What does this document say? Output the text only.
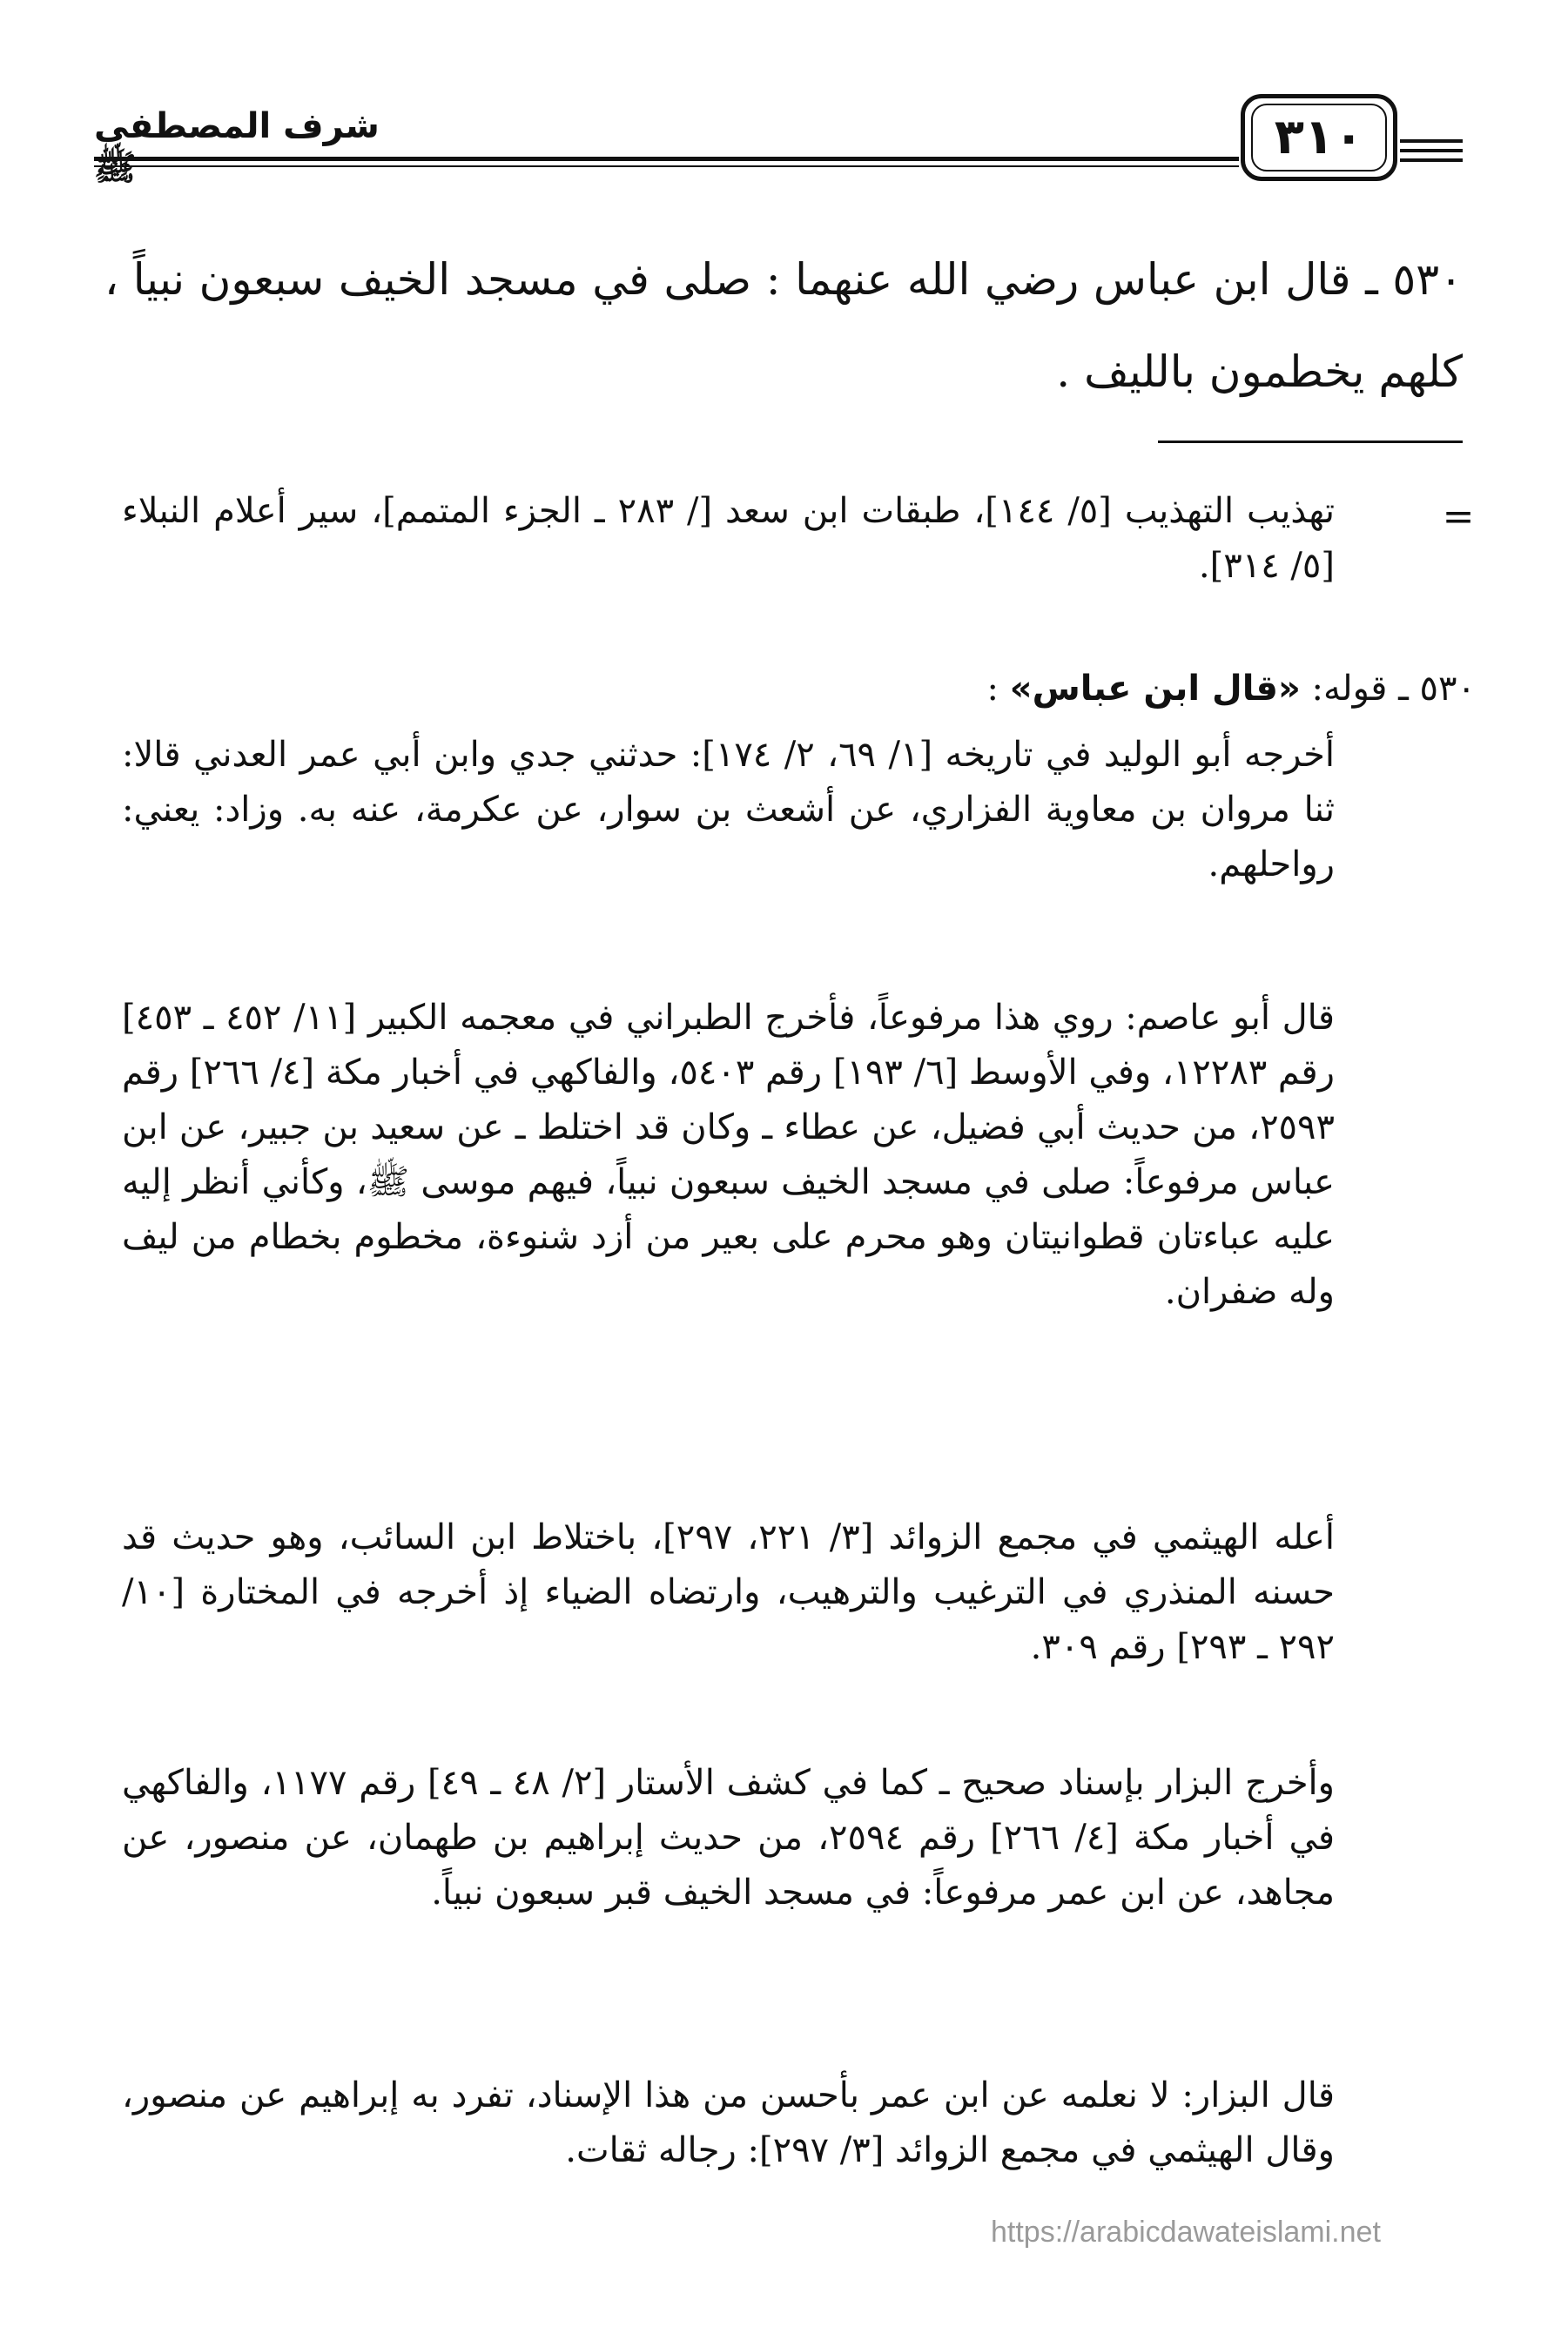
شرف المصطفى ﷺ
٣١٠
٥٣٠ ـ قال ابن عباس رضي الله عنهما : صلى في مسجد الخيف سبعون نبياً ، كلهم يخطمون بالليف .
=
تهذيب التهذيب [٥/ ١٤٤]، طبقات ابن سعد [/ ٢٨٣ ـ الجزء المتمم]، سير أعلام النبلاء [٥/ ٣١٤].
٥٣٠ ـ قوله: «قال ابن عباس» :
أخرجه أبو الوليد في تاريخه [١/ ٦٩، ٢/ ١٧٤]: حدثني جدي وابن أبي عمر العدني قالا: ثنا مروان بن معاوية الفزاري، عن أشعث بن سوار، عن عكرمة، عنه به. وزاد: يعني: رواحلهم.
قال أبو عاصم: روي هذا مرفوعاً، فأخرج الطبراني في معجمه الكبير [١١/ ٤٥٢ ـ ٤٥٣] رقم ١٢٢٨٣، وفي الأوسط [٦/ ١٩٣] رقم ٥٤٠٣، والفاكهي في أخبار مكة [٤/ ٢٦٦] رقم ٢٥٩٣، من حديث أبي فضيل، عن عطاء ـ وكان قد اختلط ـ عن سعيد بن جبير، عن ابن عباس مرفوعاً: صلى في مسجد الخيف سبعون نبياً، فيهم موسى ﷺ، وكأني أنظر إليه عليه عباءتان قطوانيتان وهو محرم على بعير من أزد شنوءة، مخطوم بخطام من ليف وله ضفران.
أعله الهيثمي في مجمع الزوائد [٣/ ٢٢١، ٢٩٧]، باختلاط ابن السائب، وهو حديث قد حسنه المنذري في الترغيب والترهيب، وارتضاه الضياء إذ أخرجه في المختارة [١٠/ ٢٩٢ ـ ٢٩٣] رقم ٣٠٩.
وأخرج البزار بإسناد صحيح ـ كما في كشف الأستار [٢/ ٤٨ ـ ٤٩] رقم ١١٧٧، والفاكهي في أخبار مكة [٤/ ٢٦٦] رقم ٢٥٩٤، من حديث إبراهيم بن طهمان، عن منصور، عن مجاهد، عن ابن عمر مرفوعاً: في مسجد الخيف قبر سبعون نبياً.
قال البزار: لا نعلمه عن ابن عمر بأحسن من هذا الإسناد، تفرد به إبراهيم عن منصور، وقال الهيثمي في مجمع الزوائد [٣/ ٢٩٧]: رجاله ثقات.
https://arabicdawateislami.net
